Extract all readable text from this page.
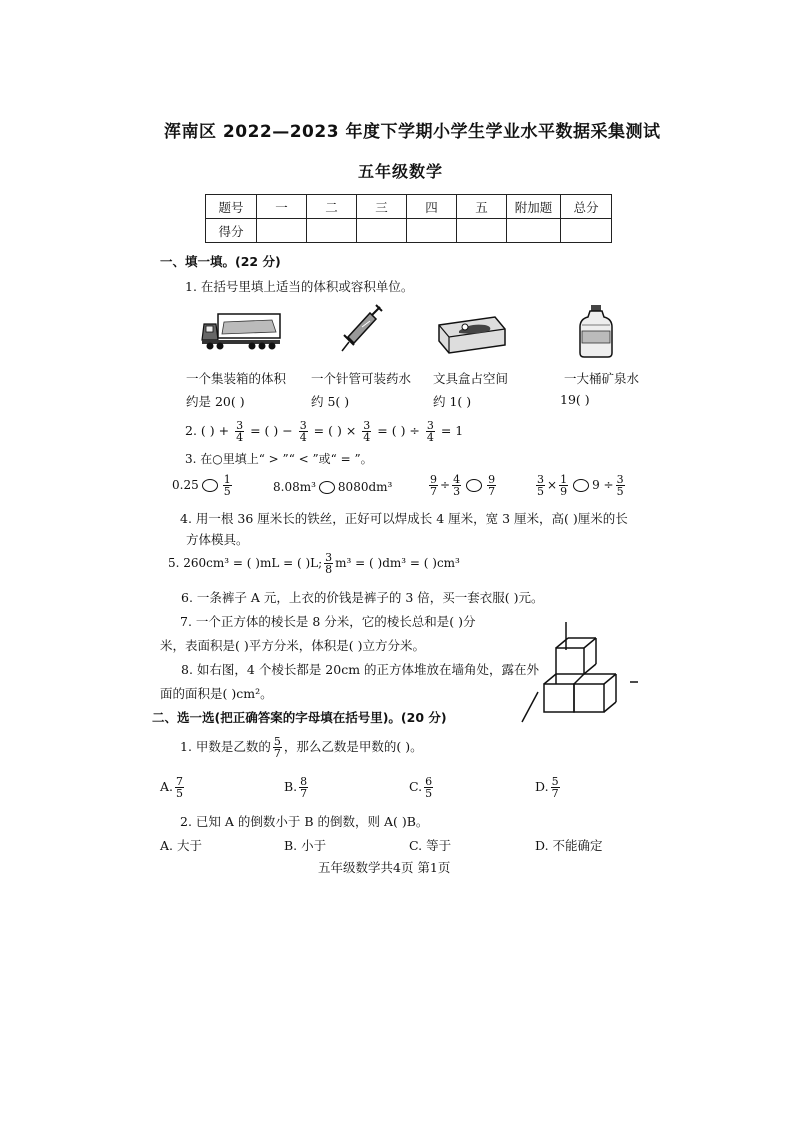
浑南区 2022—2023 年度下学期小学生学业水平数据采集测试
五年级数学
题号	一	二	三	四	五	附加题	总分
得分							
一、填一填。(22 分)
1. 在括号里填上适当的体积或容积单位。
一个集装箱的体积
约是 20( )
一个针管可装药水
约 5( )
文具盒占空间
约 1( )
一大桶矿泉水
19( )
2. ( ) + $\frac{3}{4}$ = ( ) − $\frac{3}{4}$ = ( ) × $\frac{3}{4}$ = ( ) ÷ $\frac{3}{4} = 1$
3. 在○里填上“ > ”“ < ”或“ = ”。
$0.25 \frac{1}{5}$	8.08m³ 8080dm³	$\frac{9}{7} \div \frac{4}{3} \frac{9}{7}$	$\frac{3}{5} \times \frac{1}{9} 9 \div \frac{3}{5}$
4. 用一根 36 厘米长的铁丝，正好可以焊成长 4 厘米，宽 3 厘米，高( )厘米的长
方体模具。
5. 260cm³ = ( )mL = ( )L; $\frac{3}{8} m^3$ = ( )dm³ = ( )cm³
6. 一条裤子 A 元，上衣的价钱是裤子的 3 倍，买一套衣服( )元。
7. 一个正方体的棱长是 8 分米，它的棱长总和是( )分
米，表面积是( )平方分米，体积是( )立方分米。
8. 如右图，4 个棱长都是 20cm 的正方体堆放在墙角处，露在外
面的面积是( )cm²。
二、选一选(把正确答案的字母填在括号里)。(20 分)
1. 甲数是乙数的 $\frac{5}{7}$ ，那么乙数是甲数的( )。
A. $\frac{7}{5}$	B. $\frac{8}{7}$	C. $\frac{6}{5}$	D. $\frac{5}{7}$
2. 已知 A 的倒数小于 B 的倒数，则 A( )B。
A. 大于	B. 小于	C. 等于	D. 不能确定
五年级数学共4页 第1页
